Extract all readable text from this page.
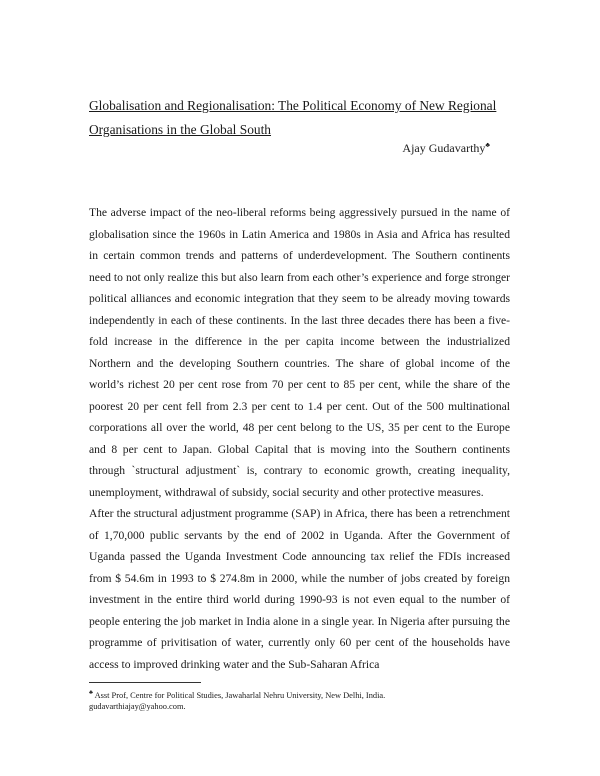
Globalisation and Regionalisation: The Political Economy of New Regional Organisations in the Global South
Ajay Gudavarthy♣

The adverse impact of the neo-liberal reforms being aggressively pursued in the name of globalisation since the 1960s in Latin America and 1980s in Asia and Africa has resulted in certain common trends and patterns of underdevelopment. The Southern continents need to not only realize this but also learn from each other’s experience and forge stronger political alliances and economic integration that they seem to be already moving towards independently in each of these continents. In the last three decades there has been a five-fold increase in the difference in the per capita income between the industrialized Northern and the developing Southern countries. The share of global income of the world’s richest 20 per cent rose from 70 per cent to 85 per cent, while the share of the poorest 20 per cent fell from 2.3 per cent to 1.4 per cent. Out of the 500 multinational corporations all over the world, 48 per cent belong to the US, 35 per cent to the Europe and 8 per cent to Japan. Global Capital that is moving into the Southern continents through `structural adjustment` is, contrary to economic growth, creating inequality, unemployment, withdrawal of subsidy, social security and other protective measures.

After the structural adjustment programme (SAP) in Africa, there has been a retrenchment of 1,70,000 public servants by the end of 2002 in Uganda. After the Government of Uganda passed the Uganda Investment Code announcing tax relief the FDIs increased from $ 54.6m in 1993 to $ 274.8m in 2000, while the number of jobs created by foreign investment in the entire third world during 1990-93 is not even equal to the number of people entering the job market in India alone in a single year. In Nigeria after pursuing the programme of privitisation of water, currently only 60 per cent of the households have access to improved drinking water and the Sub-Saharan Africa

♣ Asst Prof, Centre for Political Studies, Jawaharlal Nehru University, New Delhi, India.
gudavarthiajay@yahoo.com.
